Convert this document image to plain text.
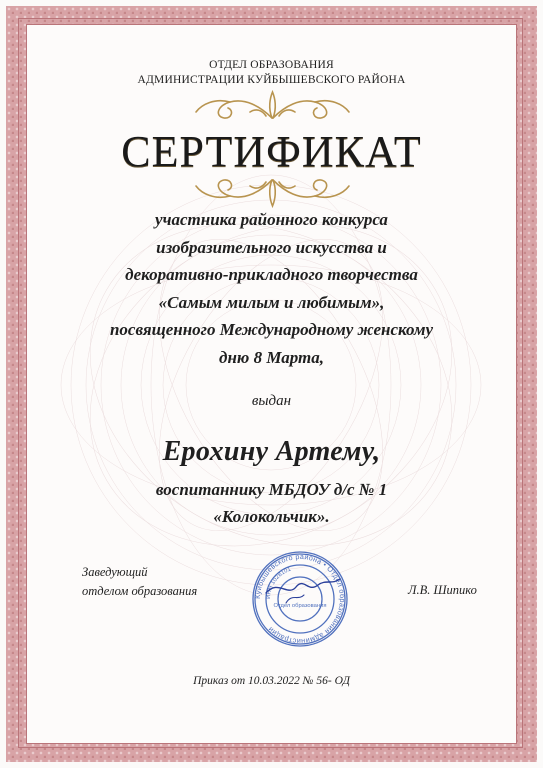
ОТДЕЛ ОБРАЗОВАНИЯ
АДМИНИСТРАЦИИ КУЙБЫШЕВСКОГО РАЙОНА
СЕРТИФИКАТ
участника районного конкурса
изобразительного искусства и
декоративно-прикладного творчества
«Самым милым и любимым»,
посвященного Международному женскому
дню 8 Марта,
выдан
Ерохину Артему,
воспитаннику МБДОУ д/с № 1
«Колокольчик».
Заведующий
отделом образования	Куйбышевского района • Отдел образования администрации
ИНН 1028101
Отдел образования
Л.В. Шипико
Приказ от 10.03.2022 № 56- ОД
